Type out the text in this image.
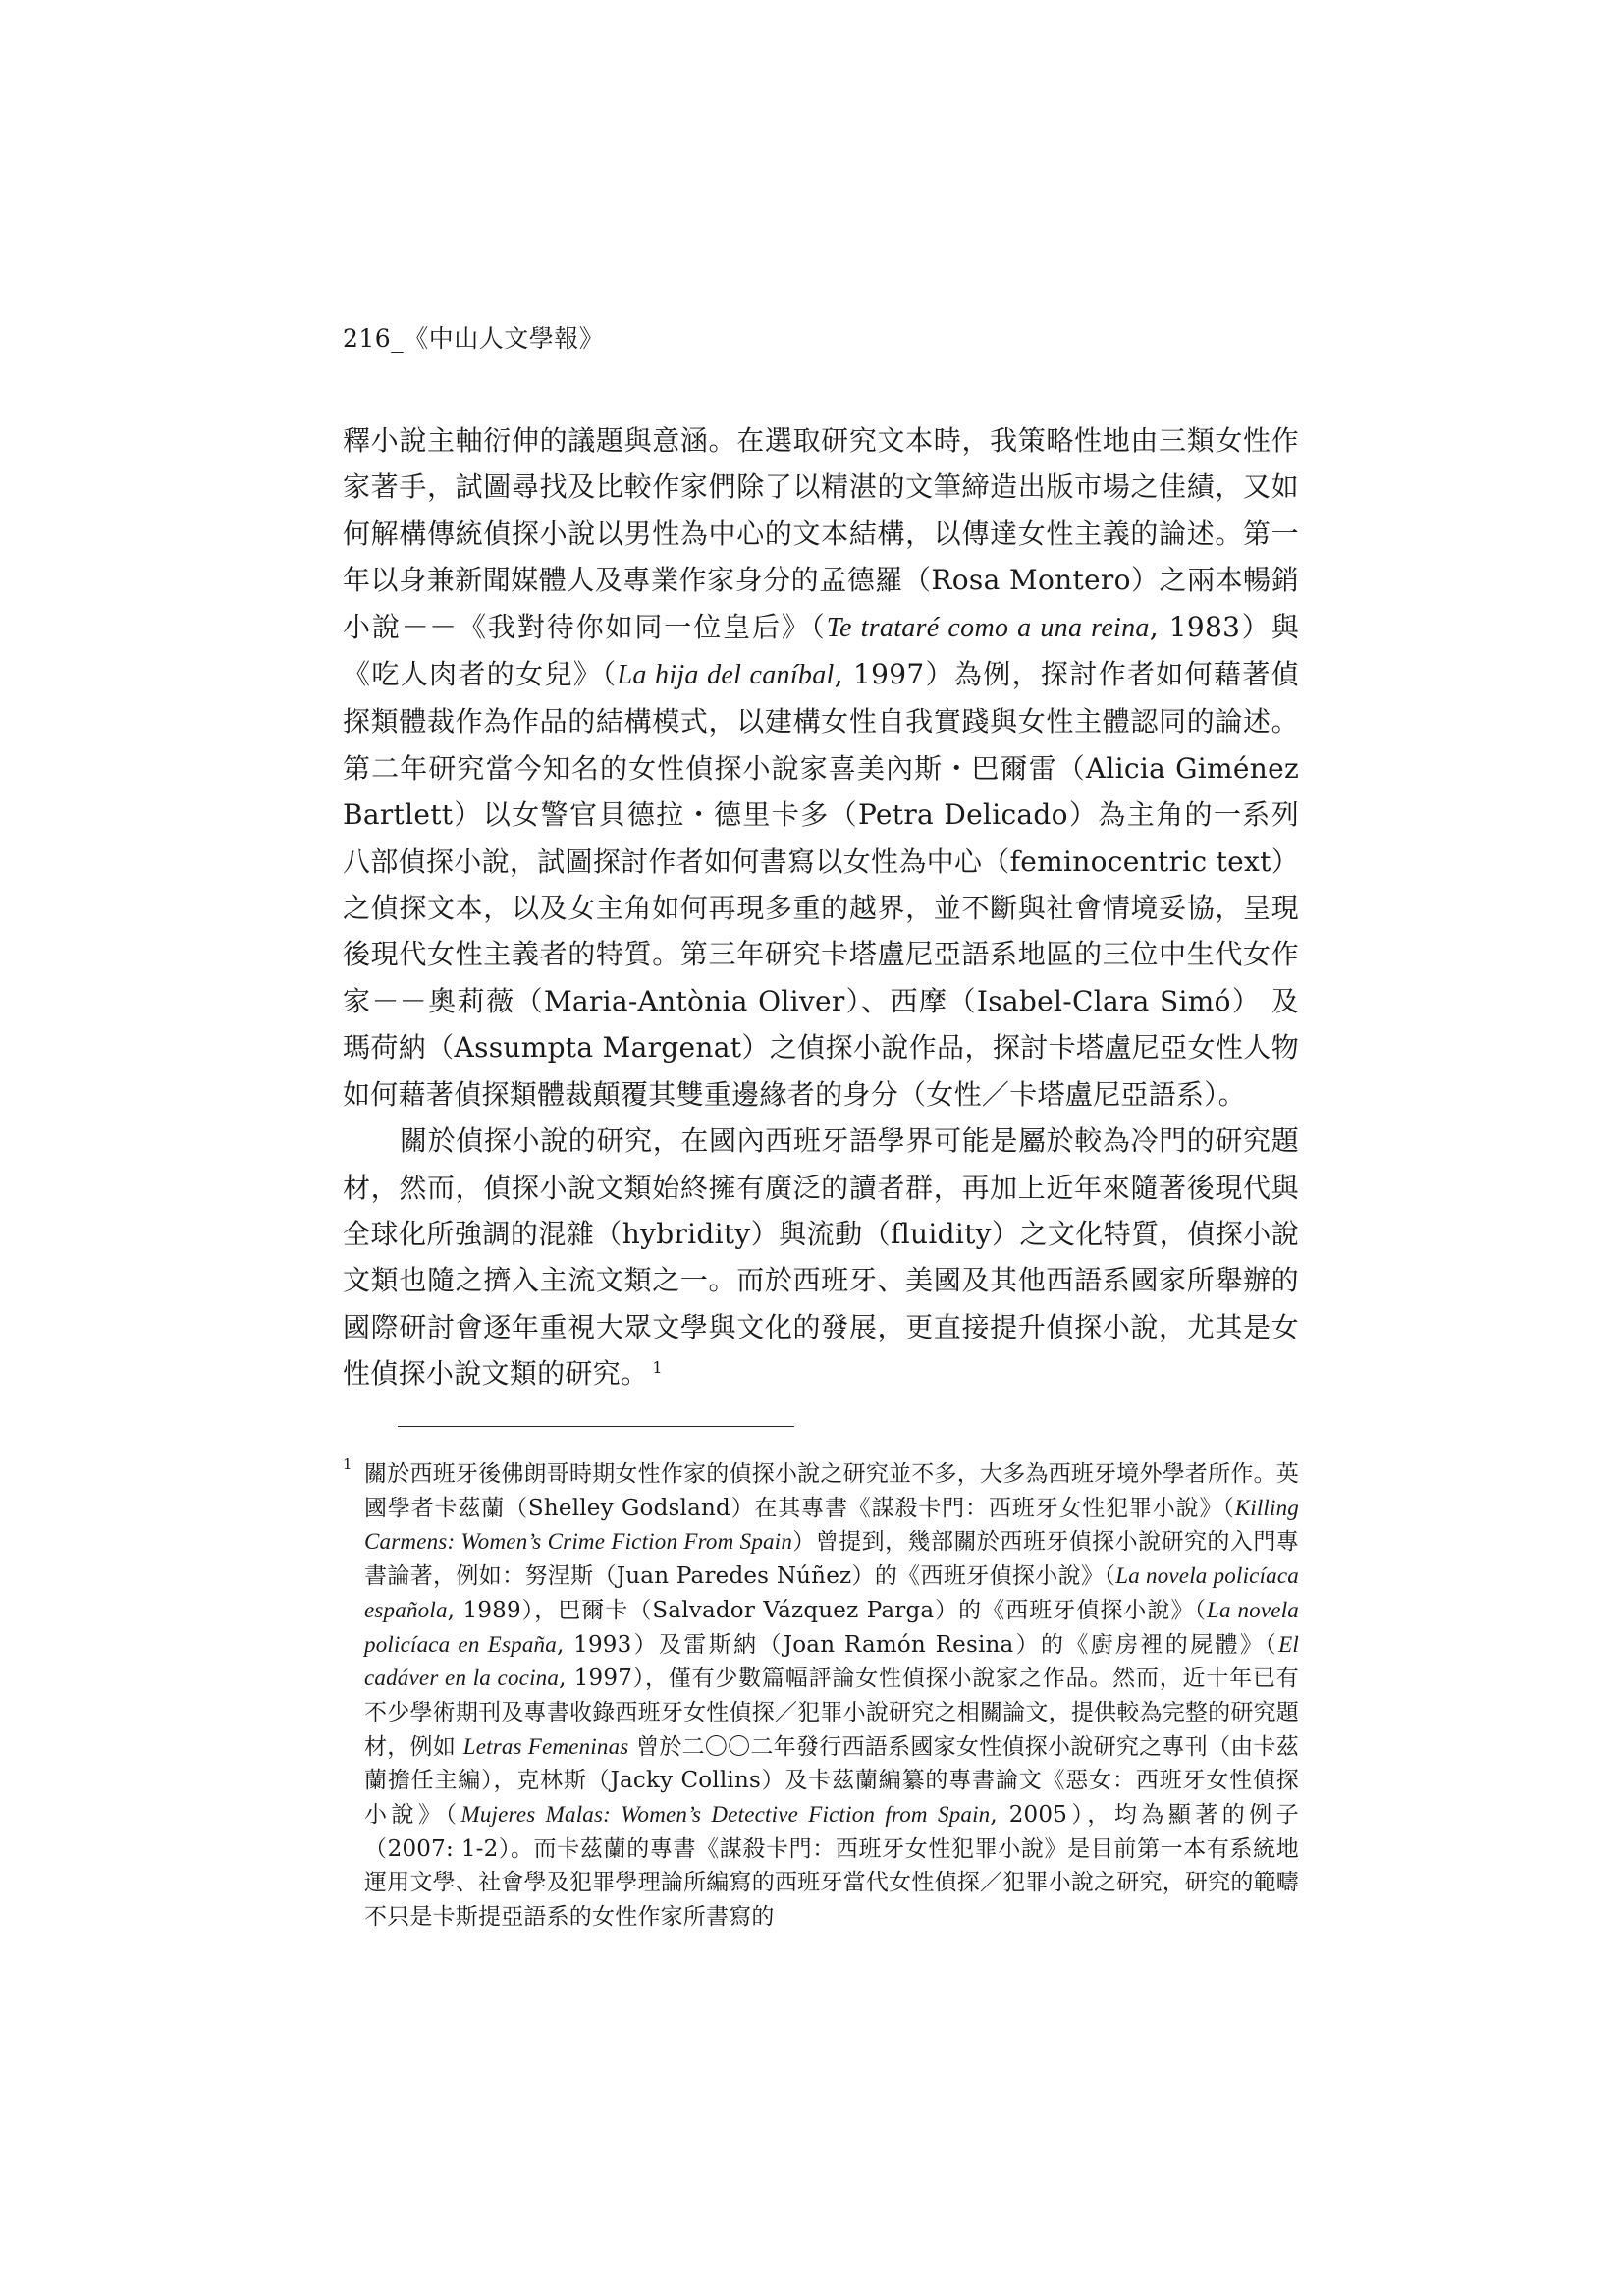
216_《中山人文學報》

釋小說主軸衍伸的議題與意涵。在選取研究文本時，我策略性地由三類女性作家著手，試圖尋找及比較作家們除了以精湛的文筆締造出版市場之佳績，又如何解構傳統偵探小說以男性為中心的文本結構，以傳達女性主義的論述。第一年以身兼新聞媒體人及專業作家身分的孟德羅（Rosa Montero）之兩本暢銷小說－－《我對待你如同一位皇后》（Te trataré como a una reina, 1983）與《吃人肉者的女兒》（La hija del caníbal, 1997）為例，探討作者如何藉著偵探類體裁作為作品的結構模式，以建構女性自我實踐與女性主體認同的論述。第二年研究當今知名的女性偵探小說家喜美內斯・巴爾雷（Alicia Giménez Bartlett）以女警官貝德拉・德里卡多（Petra Delicado）為主角的一系列八部偵探小說，試圖探討作者如何書寫以女性為中心（feminocentric text）之偵探文本，以及女主角如何再現多重的越界，並不斷與社會情境妥協，呈現後現代女性主義者的特質。第三年研究卡塔盧尼亞語系地區的三位中生代女作家－－奧莉薇（Maria-Antònia Oliver）、西摩（Isabel-Clara Simó） 及瑪荷納（Assumpta Margenat）之偵探小說作品，探討卡塔盧尼亞女性人物如何藉著偵探類體裁顛覆其雙重邊緣者的身分（女性／卡塔盧尼亞語系）。

關於偵探小說的研究，在國內西班牙語學界可能是屬於較為冷門的研究題材，然而，偵探小說文類始終擁有廣泛的讀者群，再加上近年來隨著後現代與全球化所強調的混雜（hybridity）與流動（fluidity）之文化特質，偵探小說文類也隨之擠入主流文類之一。而於西班牙、美國及其他西語系國家所舉辦的國際研討會逐年重視大眾文學與文化的發展，更直接提升偵探小說，尤其是女性偵探小說文類的研究。 $^1$

1 關於西班牙後佛朗哥時期女性作家的偵探小說之研究並不多，大多為西班牙境外學者所作。英國學者卡茲蘭（Shelley Godsland）在其專書《謀殺卡門：西班牙女性犯罪小說》（Killing Carmens: Women’s Crime Fiction From Spain）曾提到，幾部關於西班牙偵探小說研究的入門專書論著，例如：努涅斯（Juan Paredes Núñez）的《西班牙偵探小說》（La novela policíaca española, 1989），巴爾卡（Salvador Vázquez Parga）的《西班牙偵探小說》（La novela policíaca en España, 1993）及雷斯納（Joan Ramón Resina）的《廚房裡的屍體》（El cadáver en la cocina, 1997），僅有少數篇幅評論女性偵探小說家之作品。然而，近十年已有不少學術期刊及專書收錄西班牙女性偵探／犯罪小說研究之相關論文，提供較為完整的研究題材，例如 Letras Femeninas 曾於二〇〇二年發行西語系國家女性偵探小說研究之專刊（由卡茲蘭擔任主編），克林斯（Jacky Collins）及卡茲蘭編纂的專書論文《惡女：西班牙女性偵探小說》（Mujeres Malas: Women’s Detective Fiction from Spain, 2005），均為顯著的例子（2007: 1-2）。而卡茲蘭的專書《謀殺卡門：西班牙女性犯罪小說》是目前第一本有系統地運用文學、社會學及犯罪學理論所編寫的西班牙當代女性偵探／犯罪小說之研究，研究的範疇不只是卡斯提亞語系的女性作家所書寫的
